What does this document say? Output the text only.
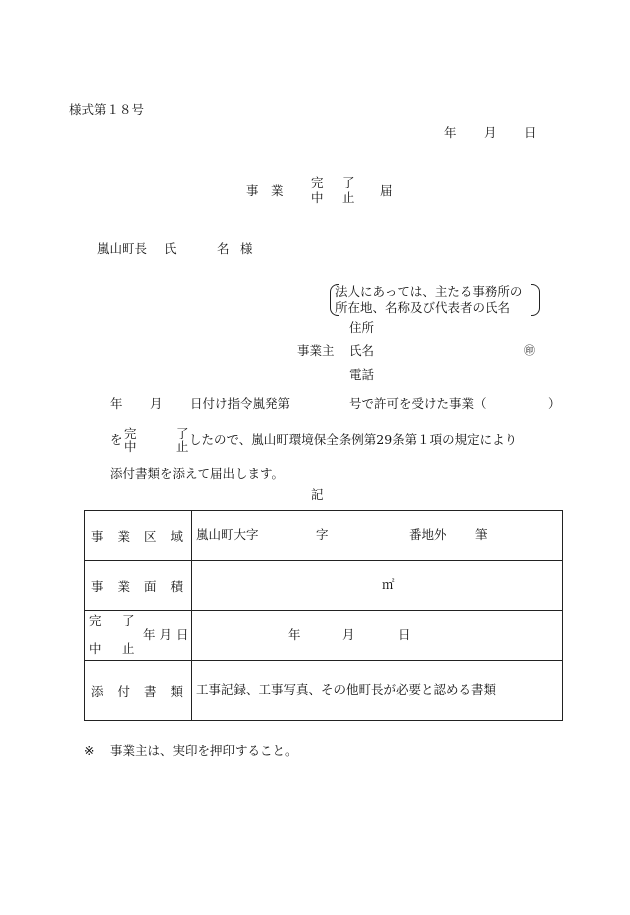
様式第１８号
年 月 日
事　業
完
中
了
止 届
嵐山町長 氏	名 様
法人にあっては、主たる事務所の
所在地、名称及び代表者の氏名
住所
事業主 氏名	㊞
電話
年 月 日付け指令嵐発第	号で許可を受けた事業（	）
を 完
中
了
止 したので、嵐山町環境保全条例第29条第１項の規定により
添付書類を添えて届出します。
記
事業区域	嵐山町大字 字 番地外 筆

事業面積	㎡

完 了
中 止
年 月 日	年 月 日

添付書類	工事記録、工事写真、その他町長が必要と認める書類
※ 事業主は、実印を押印すること。
